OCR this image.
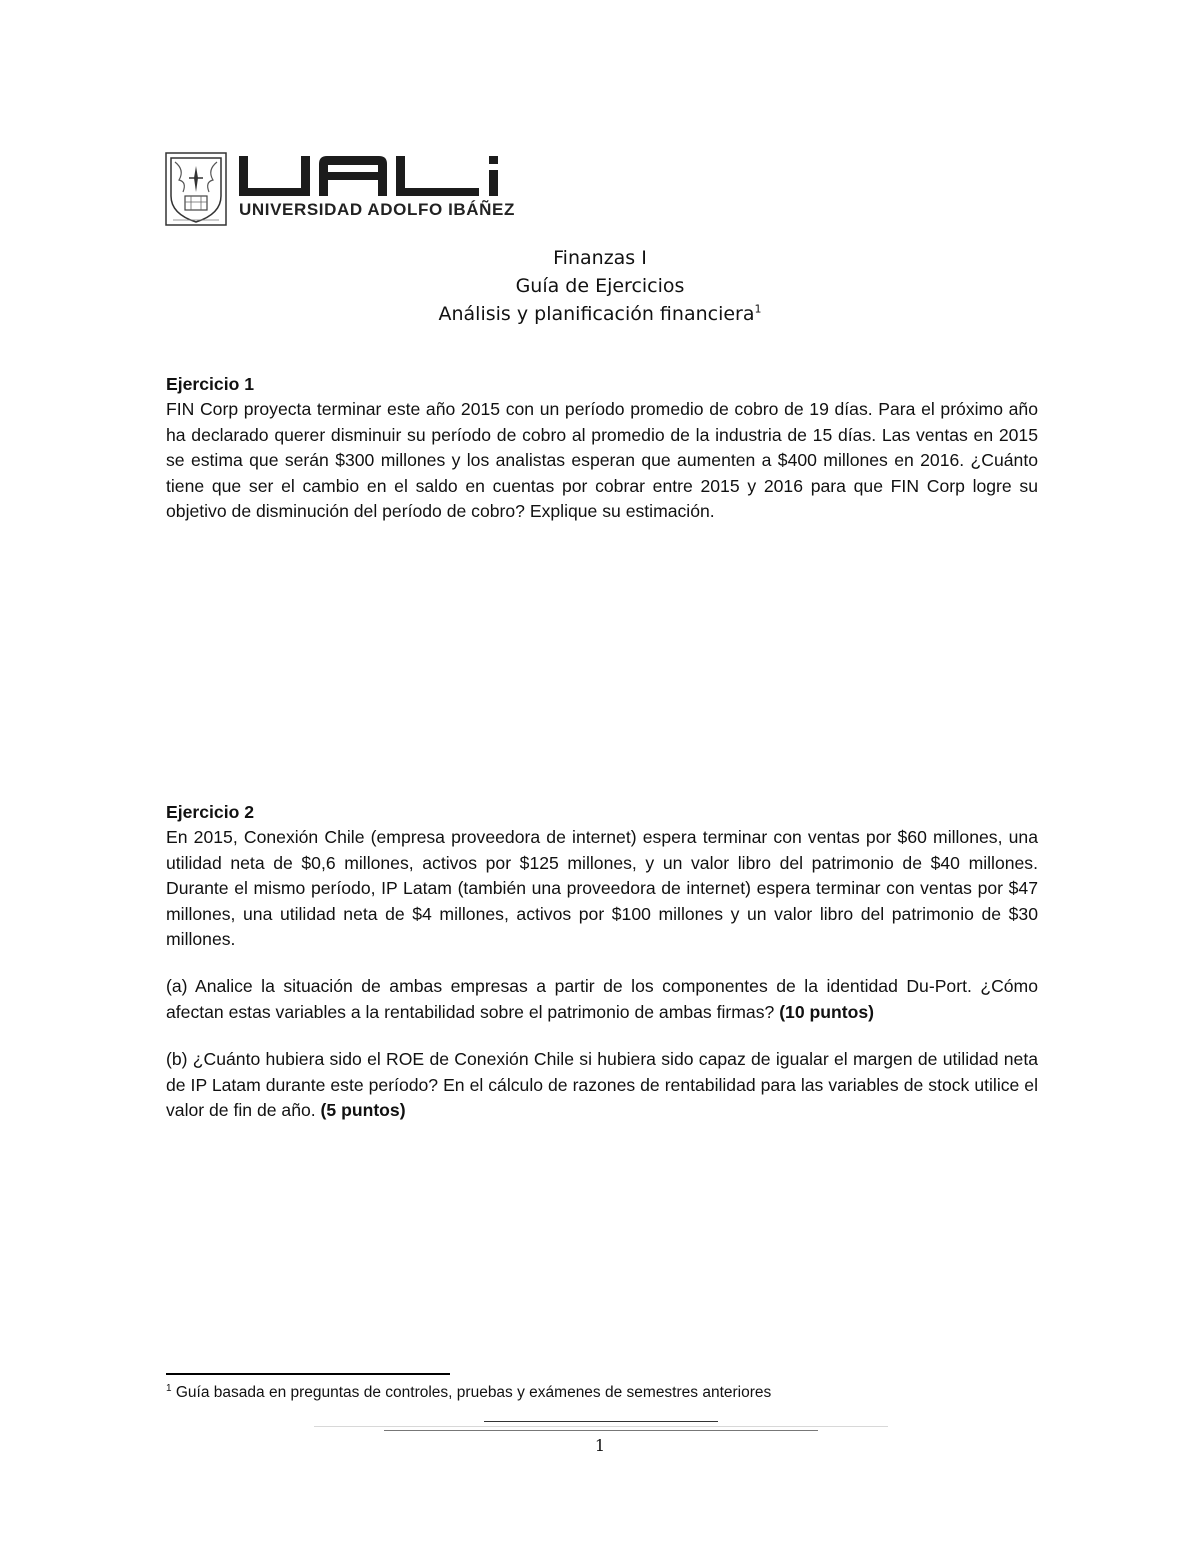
UNIVERSIDAD ADOLFO IBÁÑEZ
Finanzas I
Guía de Ejercicios
Análisis y planificación financiera$^1$
Ejercicio 1

FIN Corp proyecta terminar este año 2015 con un período promedio de cobro de 19 días. Para el próximo año ha declarado querer disminuir su período de cobro al promedio de la industria de 15 días. Las ventas en 2015 se estima que serán $300 millones y los analistas esperan que aumenten a $400 millones en 2016. ¿Cuánto tiene que ser el cambio en el saldo en cuentas por cobrar entre 2015 y 2016 para que FIN Corp logre su objetivo de disminución del período de cobro? Explique su estimación.

Ejercicio 2

En 2015, Conexión Chile (empresa proveedora de internet) espera terminar con ventas por $60 millones, una utilidad neta de $0,6 millones, activos por $125 millones, y un valor libro del patrimonio de $40 millones. Durante el mismo período, IP Latam (también una proveedora de internet) espera terminar con ventas por $47 millones, una utilidad neta de $4 millones, activos por $100 millones y un valor libro del patrimonio de $30 millones.

(a) Analice la situación de ambas empresas a partir de los componentes de la identidad Du-Port. ¿Cómo afectan estas variables a la rentabilidad sobre el patrimonio de ambas firmas? (10 puntos)

(b) ¿Cuánto hubiera sido el ROE de Conexión Chile si hubiera sido capaz de igualar el margen de utilidad neta de IP Latam durante este período? En el cálculo de razones de rentabilidad para las variables de stock utilice el valor de fin de año. (5 puntos)

$^1$ Guía basada en preguntas de controles, pruebas y exámenes de semestres anteriores
1
